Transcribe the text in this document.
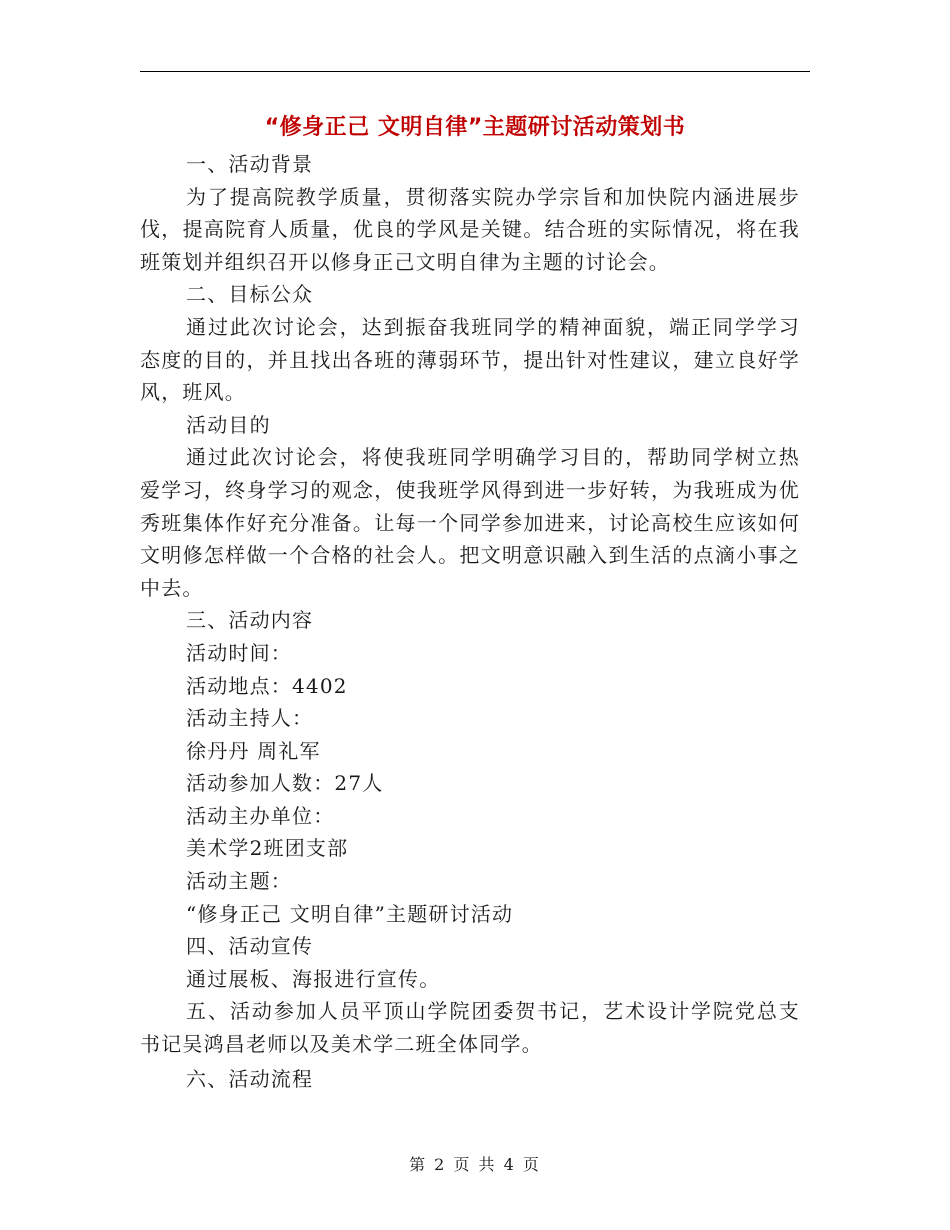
“修身正己 文明自律”主题研讨活动策划书

一、活动背景

为了提高院教学质量，贯彻落实院办学宗旨和加快院内涵进展步伐，提高院育人质量，优良的学风是关键。结合班的实际情况，将在我班策划并组织召开以修身正己文明自律为主题的讨论会。

二、目标公众

通过此次讨论会，达到振奋我班同学的精神面貌，端正同学学习态度的目的，并且找出各班的薄弱环节，提出针对性建议，建立良好学风，班风。

活动目的

通过此次讨论会，将使我班同学明确学习目的，帮助同学树立热爱学习，终身学习的观念，使我班学风得到进一步好转，为我班成为优秀班集体作好充分准备。让每一个同学参加进来，讨论高校生应该如何文明修怎样做一个合格的社会人。把文明意识融入到生活的点滴小事之中去。

三、活动内容

活动时间：

活动地点：4402

活动主持人：

徐丹丹 周礼军

活动参加人数：27人

活动主办单位：

美术学2班团支部

活动主题：

“修身正己 文明自律”主题研讨活动

四、活动宣传

通过展板、海报进行宣传。

五、活动参加人员平顶山学院团委贺书记，艺术设计学院党总支书记吴鸿昌老师以及美术学二班全体同学。

六、活动流程

第 2 页 共 4 页
